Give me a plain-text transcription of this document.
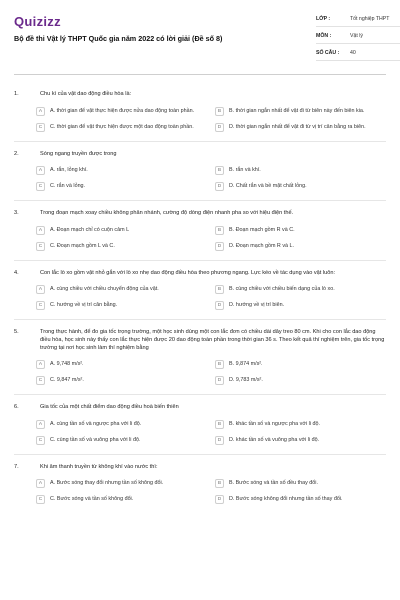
Quizizz
Bộ đề thi Vật lý THPT Quốc gia năm 2022 có lời giải (Đề số 8)
LỚP :	Tốt nghiệp THPT
MÔN :	Vật lý
SỐ CÂU :	40
1.	Chu kì của vật dao động điều hòa là:
A	A. thời gian để vật thực hiện được nửa dao động toàn phần.	B	B. thời gian ngắn nhất để vật đi từ biên này đến biên kia.
C	C. thời gian để vật thực hiện được một dao động toàn phần.	D	D. thời gian ngắn nhất để vật đi từ vị trí cân bằng ra biên.
2.	Sóng ngang truyền được trong
A	A. rắn, lỏng khí.	B	B. rắn và khí.
C	C. rắn và lỏng.	D	D. Chất rắn và bề mặt chất lỏng.
3.	Trong đoạn mạch xoay chiều không phân nhánh, cường độ dòng điện nhanh pha so với hiệu điện thế.
A	A. Đoạn mạch chỉ có cuộn cảm L	B	B. Đoạn mạch gồm R và C.
C	C. Đoạn mạch gồm L và C.	D	D. Đoạn mạch gồm R và L.
4.	Con lắc lò xo gồm vật nhỏ gắn với lò xo nhẹ dao động điều hòa theo phương ngang. Lực kéo về tác dụng vào vật luôn:
A	A. cùng chiều với chiều chuyển động của vật.	B	B. cùng chiều với chiều biến dạng của lò xo.
C	C. hướng về vị trí cân bằng.	D	D. hướng về vị trí biên.
5.	Trong thực hành, để đo gia tốc trọng trường, một học sinh dùng một con lắc đơn có chiều dài dây treo 80 cm. Khi cho con lắc dao động điều hòa, học sinh này thấy con lắc thực hiện được 20 dao động toàn phần trong thời gian 36 s. Theo kết quả thí nghiệm trên, gia tốc trọng trường tại nơi học sinh làm thí nghiệm bằng
A	A. 9,748 m/s².	B	B. 9,874 m/s².
C	C. 9,847 m/s².	D	D. 9,783 m/s².
6.	Gia tốc của một chất điểm dao động điều hoà biến thiên
A	A. cùng tần số và ngược pha với li độ.	B	B. khác tần số và ngược pha với li độ.
C	C. cùng tần số và vuông pha với li độ.	D	D. khác tần số và vuông pha với li độ.
7.	Khi âm thanh truyền từ không khí vào nước thì:
A	A. Bước sóng thay đổi nhưng tần số không đổi.	B	B. Bước sóng và tần số đều thay đổi.
C	C. Bước sóng và tần số không đổi.	D	D. Bước sóng không đổi nhưng tần số thay đổi.
